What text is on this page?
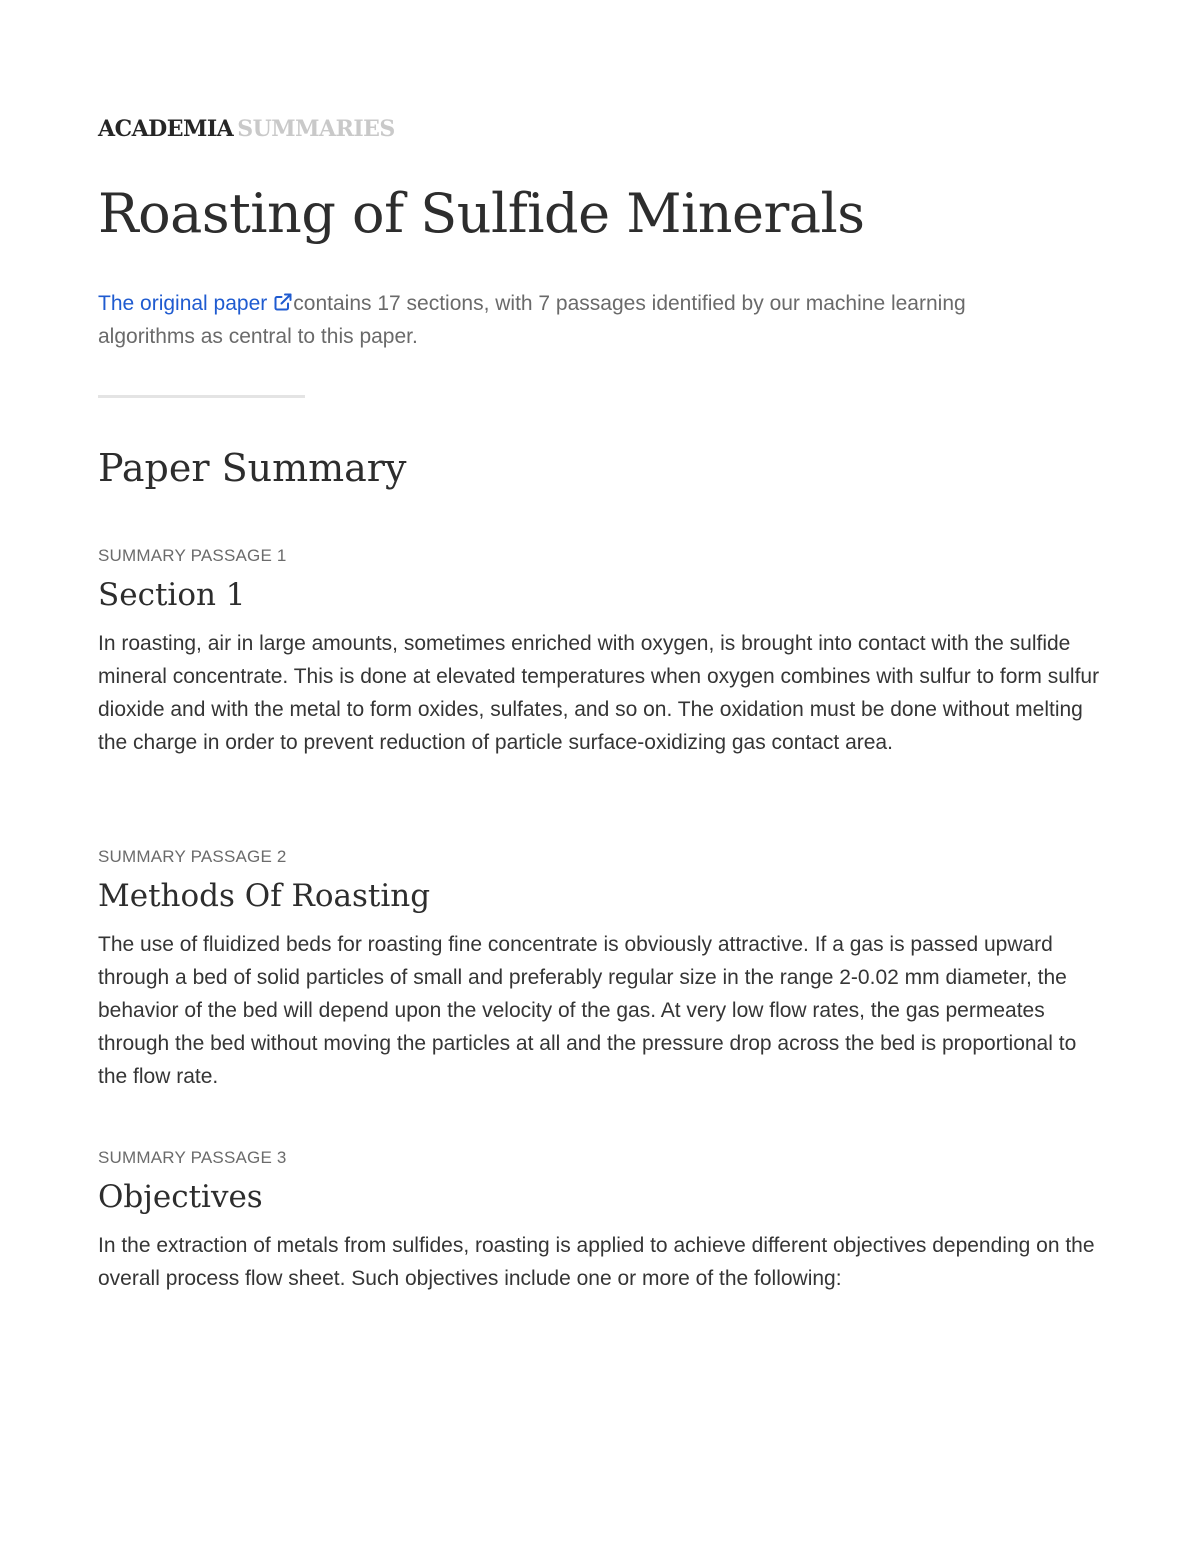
ACADEMIA SUMMARIES
Roasting of Sulfide Minerals

The original paper contains 17 sections, with 7 passages identified by our machine learning algorithms as central to this paper.

Paper Summary
SUMMARY PASSAGE 1
Section 1

In roasting, air in large amounts, sometimes enriched with oxygen, is brought into contact with the sulfide mineral concentrate. This is done at elevated temperatures when oxygen combines with sulfur to form sulfur dioxide and with the metal to form oxides, sulfates, and so on. The oxidation must be done without melting the charge in order to prevent reduction of particle surface-oxidizing gas contact area.

SUMMARY PASSAGE 2
Methods Of Roasting

The use of fluidized beds for roasting fine concentrate is obviously attractive. If a gas is passed upward through a bed of solid particles of small and preferably regular size in the range 2-0.02 mm diameter, the behavior of the bed will depend upon the velocity of the gas. At very low flow rates, the gas permeates through the bed without moving the particles at all and the pressure drop across the bed is proportional to the flow rate.

SUMMARY PASSAGE 3
Objectives

In the extraction of metals from sulfides, roasting is applied to achieve different objectives depending on the overall process flow sheet. Such objectives include one or more of the following:
